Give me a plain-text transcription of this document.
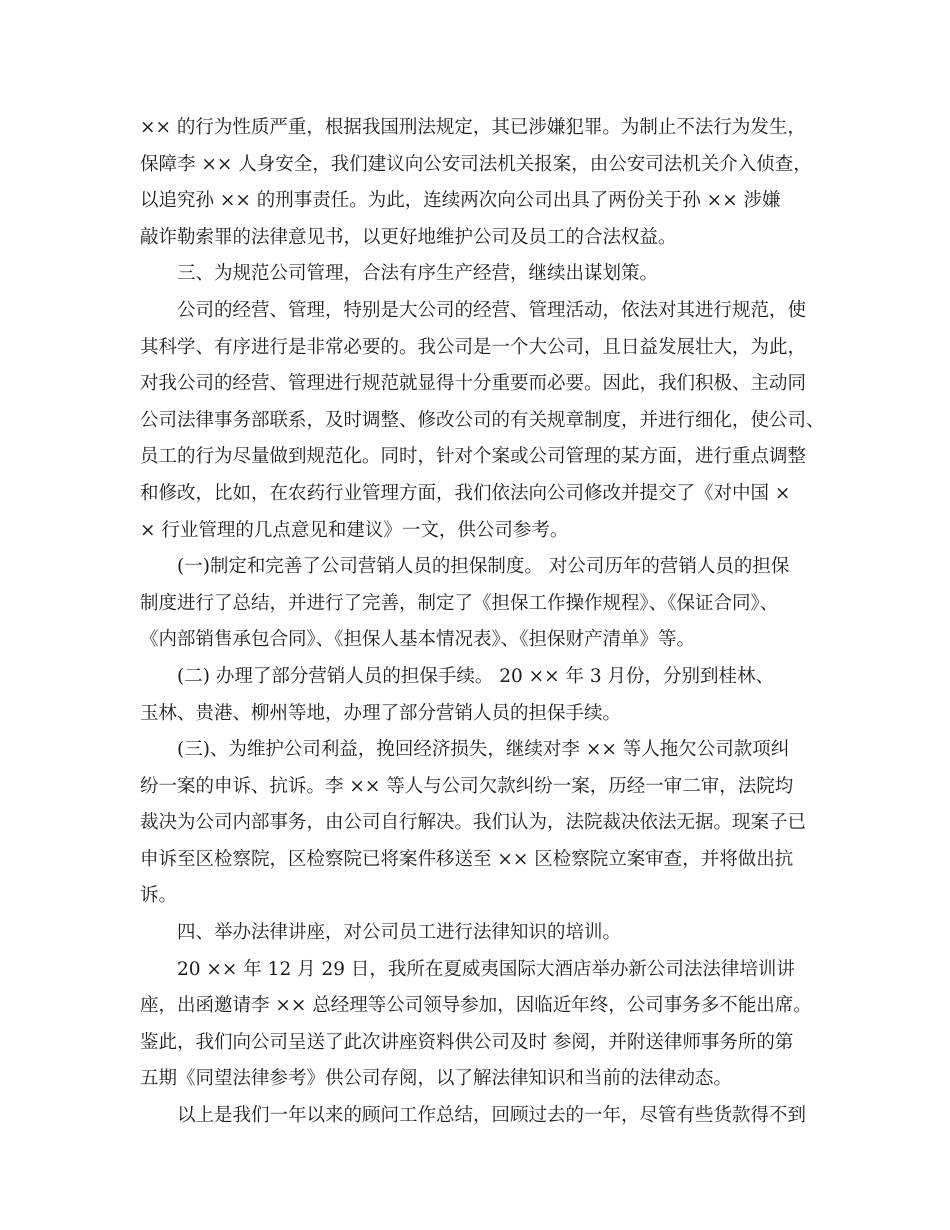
×× 的行为性质严重，根据我国刑法规定，其已涉嫌犯罪。为制止不法行为发生，
保障李 ×× 人身安全，我们建议向公安司法机关报案，由公安司法机关介入侦查，
以追究孙 ×× 的刑事责任。为此，连续两次向公司出具了两份关于孙 ×× 涉嫌
敲诈勒索罪的法律意见书，以更好地维护公司及员工的合法权益。
三、为规范公司管理，合法有序生产经营，继续出谋划策。
公司的经营、管理，特别是大公司的经营、管理活动，依法对其进行规范，使
其科学、有序进行是非常必要的。我公司是一个大公司，且日益发展壮大，为此，
对我公司的经营、管理进行规范就显得十分重要而必要。因此，我们积极、主动同
公司法律事务部联系，及时调整、修改公司的有关规章制度，并进行细化，使公司、
员工的行为尽量做到规范化。同时，针对个案或公司管理的某方面，进行重点调整
和修改，比如，在农药行业管理方面，我们依法向公司修改并提交了《对中国 ×
× 行业管理的几点意见和建议》一文，供公司参考。
(一)制定和完善了公司营销人员的担保制度。 对公司历年的营销人员的担保
制度进行了总结，并进行了完善，制定了《担保工作操作规程》、《保证合同》、
《内部销售承包合同》、《担保人基本情况表》、《担保财产清单》等。
(二) 办理了部分营销人员的担保手续。 20 ×× 年 3 月份，分别到桂林、
玉林、贵港、柳州等地，办理了部分营销人员的担保手续。
(三)、为维护公司利益，挽回经济损失，继续对李 ×× 等人拖欠公司款项纠
纷一案的申诉、抗诉。李 ×× 等人与公司欠款纠纷一案，历经一审二审，法院均
裁决为公司内部事务，由公司自行解决。我们认为，法院裁决依法无据。现案子已
申诉至区检察院，区检察院已将案件移送至 ×× 区检察院立案审查，并将做出抗
诉。
四、举办法律讲座，对公司员工进行法律知识的培训。
20 ×× 年 12 月 29 日，我所在夏威夷国际大酒店举办新公司法法律培训讲
座，出函邀请李 ×× 总经理等公司领导参加，因临近年终，公司事务多不能出席。
鉴此，我们向公司呈送了此次讲座资料供公司及时 参阅，并附送律师事务所的第
五期《同望法律参考》供公司存阅，以了解法律知识和当前的法律动态。
以上是我们一年以来的顾问工作总结，回顾过去的一年，尽管有些货款得不到
